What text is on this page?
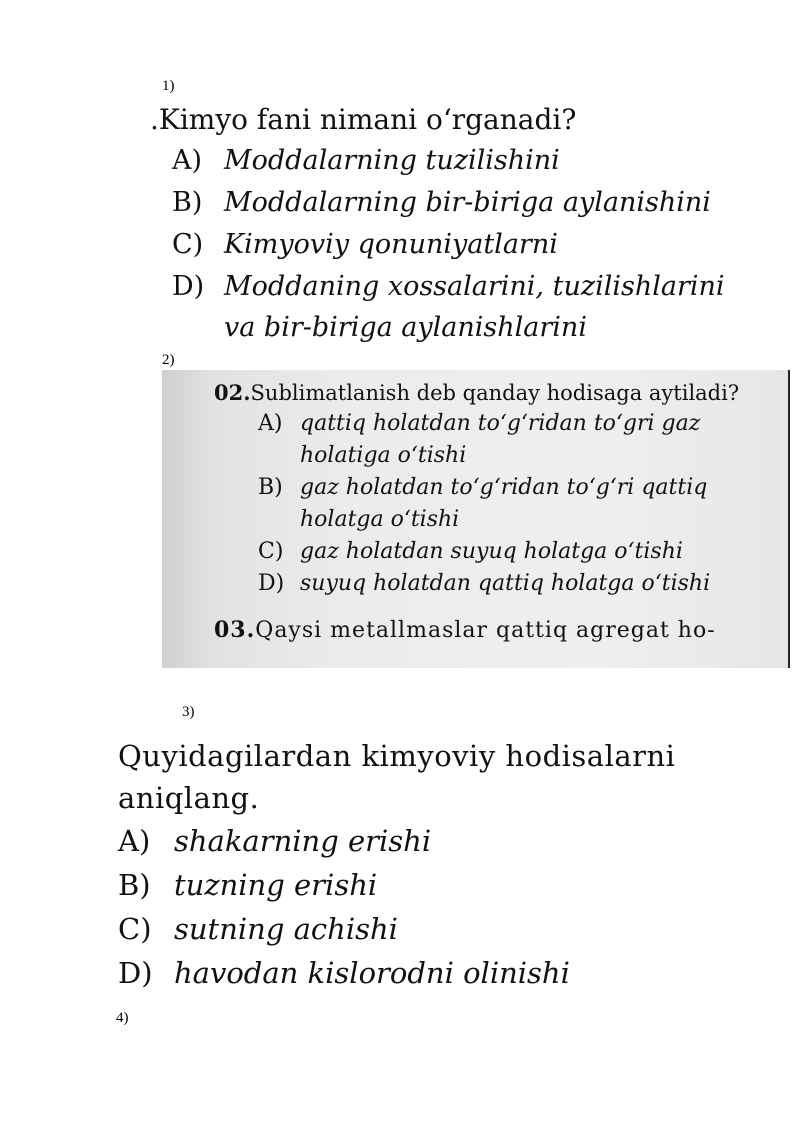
1)
.Kimyo fani nimani o‘rganadi?
A) Moddalarning tuzilishini
B) Moddalarning bir-biriga aylanishini
C) Kimyoviy qonuniyatlarni
D) Moddaning xossalarini, tuzilishlarini
va bir-biriga aylanishlarini
2)
02.Sublimatlanish deb qanday hodisaga aytiladi?
A) qattiq holatdan to‘g‘ridan to‘gri gaz
holatiga o‘tishi
B) gaz holatdan to‘g‘ridan to‘g‘ri qattiq
holatga o‘tishi
C) gaz holatdan suyuq holatga o‘tishi
D) suyuq holatdan qattiq holatga o‘tishi
03.Qaysi metallmaslar qattiq agregat ho-
3)
Quyidagilardan kimyoviy hodisalarni
aniqlang.
A) shakarning erishi
B) tuzning erishi
C) sutning achishi
D) havodan kislorodni olinishi
4)
